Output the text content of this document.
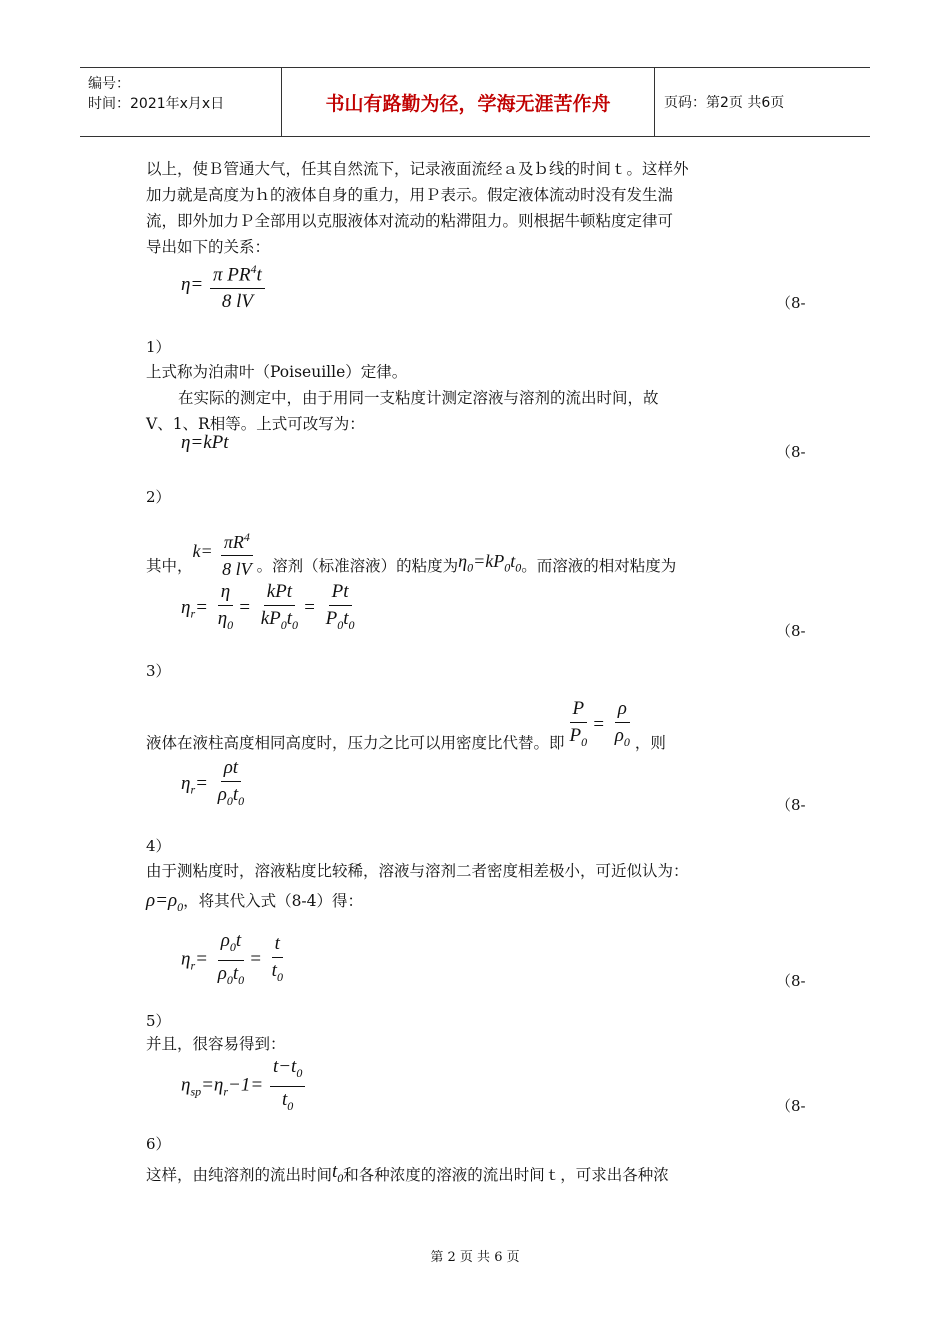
编号：
时间：2021年x月x日	书山有路勤为径，学海无涯苦作舟	页码：第2页 共6页
以上，使Ｂ管通大气，任其自然流下，记录液面流经ａ及ｂ线的时间ｔ。这样外
加力就是高度为ｈ的液体自身的重力，用Ｐ表示。假定液体流动时没有发生湍
流，即外加力Ｐ全部用以克服液体对流动的粘滞阻力。则根据牛顿粘度定律可
导出如下的关系：
$\eta= \frac{\pi PR^4t}{8 lV}$	（8-
1）
上式称为泊肃叶（Poiseuille）定律。
在实际的测定中，由于用同一支粘度计测定溶液与溶剂的流出时间，故
V、1、R相等。上式可改写为：
η=kPt	（8-
2）
其中，$k= \frac{\pi R^4}{8 lV}$ 。溶剂（标准溶液）的粘度为$\eta_0=kP_0t_0$。而溶液的相对粘度为
$\eta_r= \frac{\eta}{\eta_0}$ =
kPt
$kP_0t_0$
= $\frac{Pt}{P_0t_0}$	（8-
3）
液体在液柱高度相同高度时，压力之比可以用密度比代替。即 $\frac{P}{P_0} = \frac{\rho}{\rho_0}$ ，则
$\eta_r= \frac{\rho t}{\rho_0t_0}$	（8-
4）
由于测粘度时，溶液粘度比较稀，溶液与溶剂二者密度相差极小，可近似认为：
$\rho=\rho_0$，将其代入式（8-4）得：
$\eta_r= \frac{\rho_0t}{\rho_0t_0} = \frac{t}{t_0}$	（8-
5）
并且，很容易得到：
$\eta_{sp}=\eta_r-1= \frac{t-t_0}{t_0}$	（8-
6）
这样，由纯溶剂的流出时间$t_0$和各种浓度的溶液的流出时间ｔ，可求出各种浓
第 2 页 共 6 页
